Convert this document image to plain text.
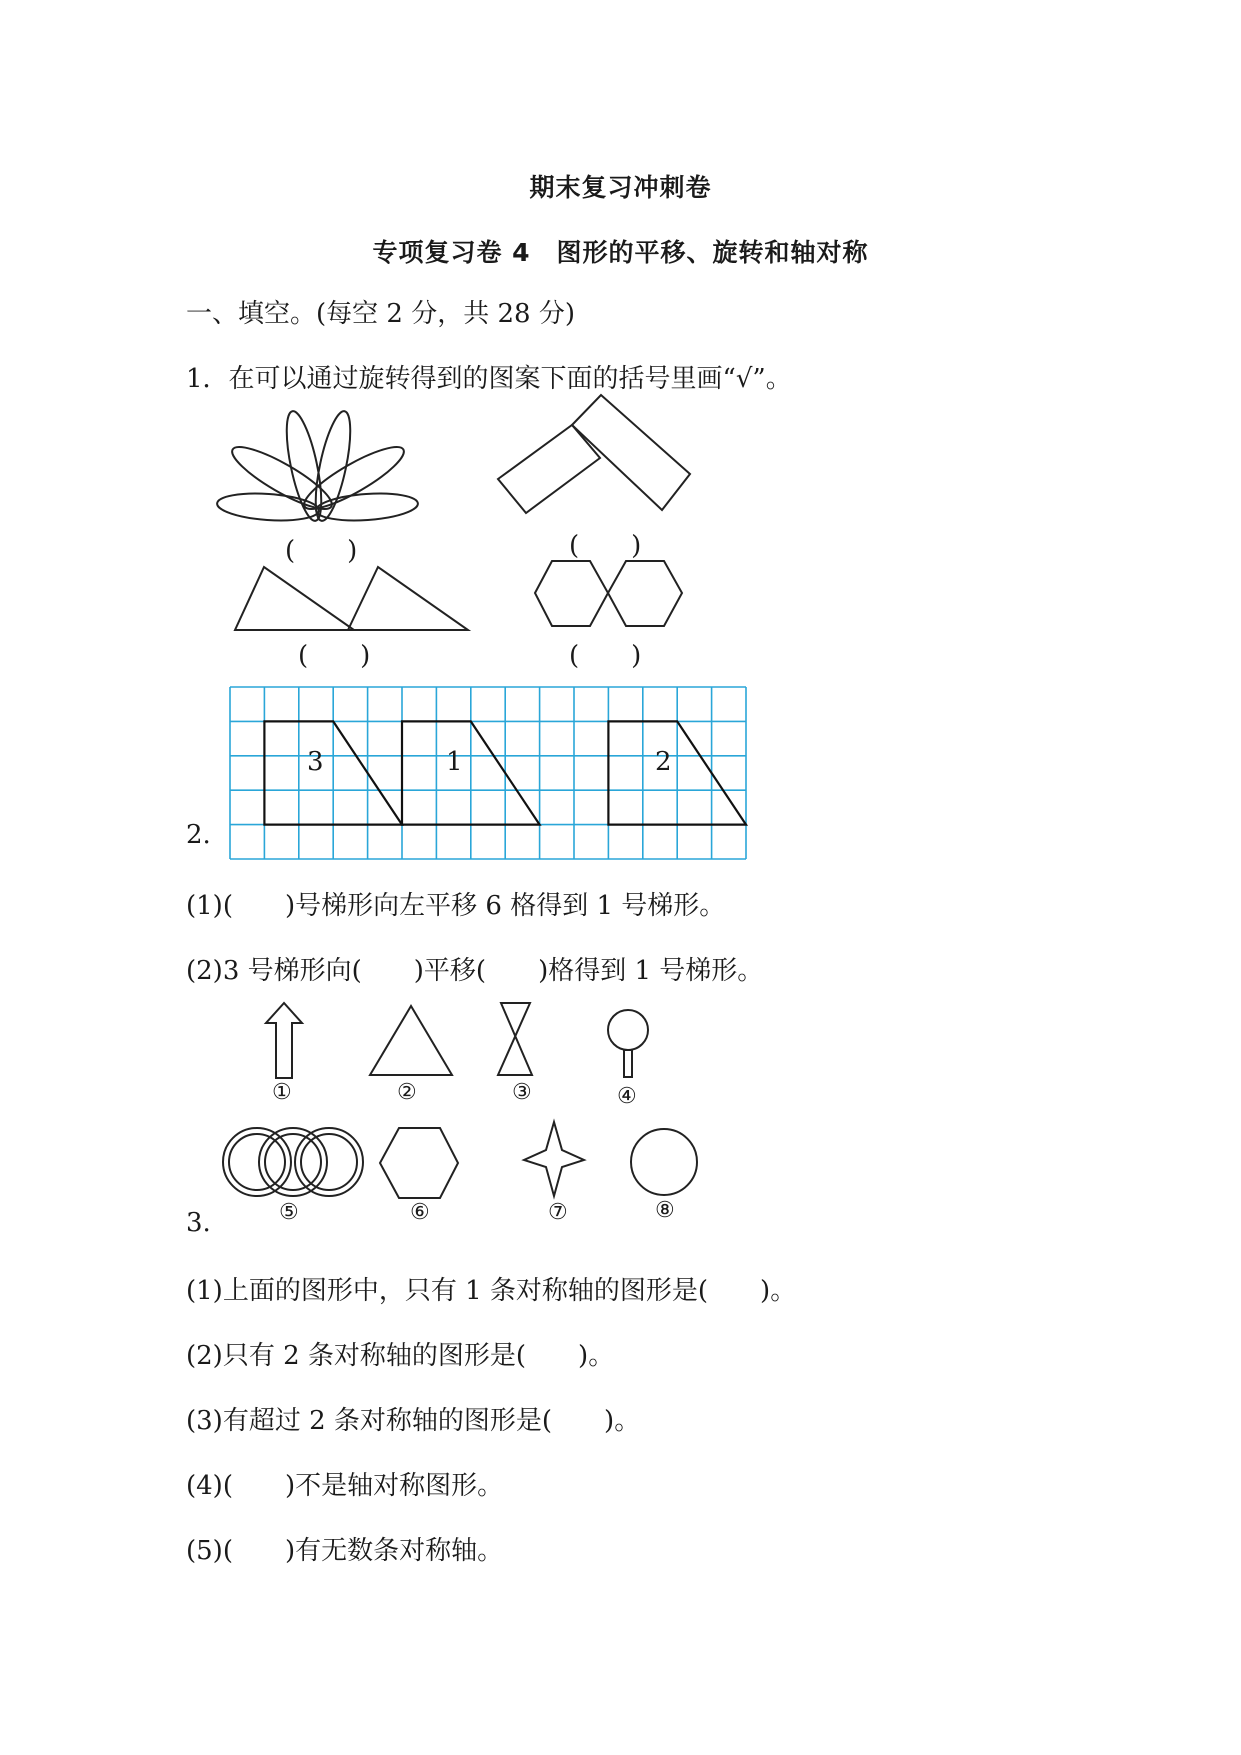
期末复习冲刺卷
专项复习卷 4　图形的平移、旋转和轴对称
一、填空。(每空 2 分，共 28 分)
1．在可以通过旋转得到的图案下面的括号里画“√”。
(　　)	(　　)
(　　)	(　　)
3	1	2
2.
(1)(　　)号梯形向左平移 6 格得到 1 号梯形。
(2)3 号梯形向(　　)平移(　　)格得到 1 号梯形。
①	②	③	④
⑤	⑥	⑦	⑧
3.
(1)上面的图形中，只有 1 条对称轴的图形是(　　)。
(2)只有 2 条对称轴的图形是(　　)。
(3)有超过 2 条对称轴的图形是(　　)。
(4)(　　)不是轴对称图形。
(5)(　　)有无数条对称轴。
